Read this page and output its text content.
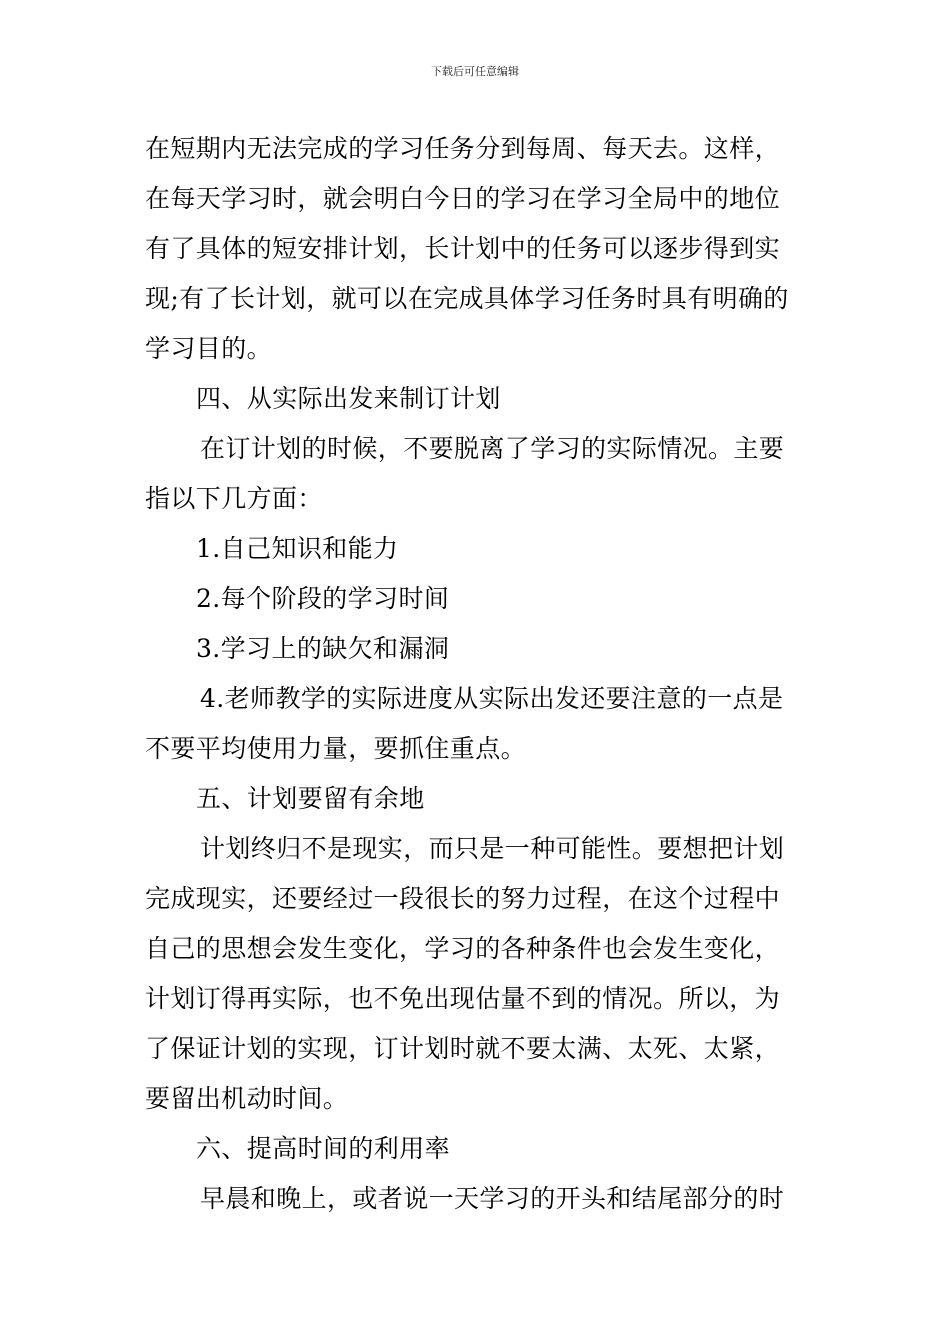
下载后可任意编辑
在短期内无法完成的学习任务分到每周、每天去。这样，
在每天学习时，就会明白今日的学习在学习全局中的地位
有了具体的短安排计划，长计划中的任务可以逐步得到实
现;有了长计划，就可以在完成具体学习任务时具有明确的
学习目的。
四、从实际出发来制订计划
在订计划的时候，不要脱离了学习的实际情况。主要
指以下几方面：
1.自己知识和能力
2.每个阶段的学习时间
3.学习上的缺欠和漏洞
4.老师教学的实际进度从实际出发还要注意的一点是
不要平均使用力量，要抓住重点。
五、计划要留有余地
计划终归不是现实，而只是一种可能性。要想把计划
完成现实，还要经过一段很长的努力过程，在这个过程中
自己的思想会发生变化，学习的各种条件也会发生变化，
计划订得再实际，也不免出现估量不到的情况。所以，为
了保证计划的实现，订计划时就不要太满、太死、太紧，
要留出机动时间。
六、提高时间的利用率
早晨和晚上，或者说一天学习的开头和结尾部分的时
